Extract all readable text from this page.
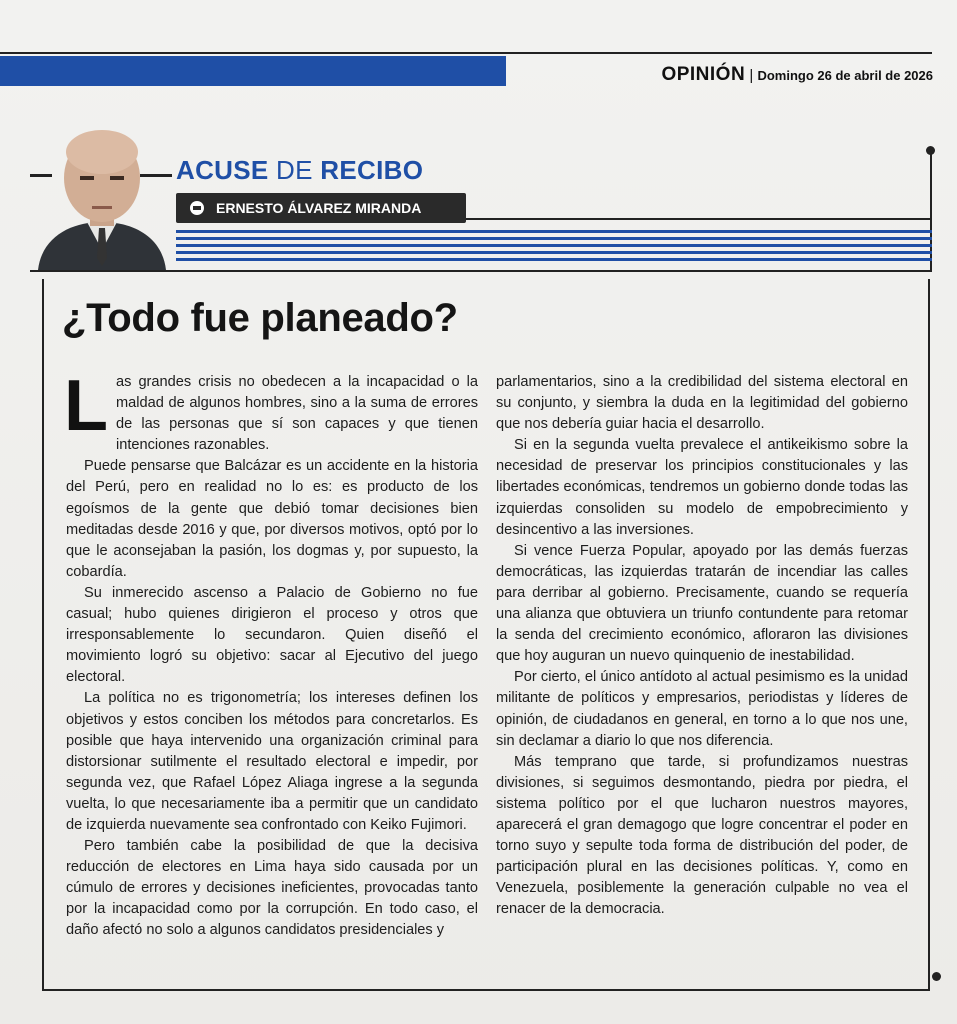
OPINIÓN | Domingo 26 de abril de 2026
ACUSE DE RECIBO
ERNESTO ÁLVAREZ MIRANDA
¿Todo fue planeado?

Las grandes crisis no obedecen a la incapacidad o la maldad de algunos hombres, sino a la suma de errores de las personas que sí son capaces y que tienen intenciones razonables.

Puede pensarse que Balcázar es un accidente en la historia del Perú, pero en realidad no lo es: es producto de los egoísmos de la gente que debió tomar decisiones bien meditadas desde 2016 y que, por diversos motivos, optó por lo que le aconsejaban la pasión, los dogmas y, por supuesto, la cobardía.

Su inmerecido ascenso a Palacio de Gobierno no fue casual; hubo quienes dirigieron el proceso y otros que irresponsablemente lo secundaron. Quien diseñó el movimiento logró su objetivo: sacar al Ejecutivo del juego electoral.

La política no es trigonometría; los intereses definen los objetivos y estos conciben los métodos para concretarlos. Es posible que haya intervenido una organización criminal para distorsionar sutilmente el resultado electoral e impedir, por segunda vez, que Rafael López Aliaga ingrese a la segunda vuelta, lo que necesariamente iba a permitir que un candidato de izquierda nuevamente sea confrontado con Keiko Fujimori.

Pero también cabe la posibilidad de que la decisiva reducción de electores en Lima haya sido causada por un cúmulo de errores y decisiones ineficientes, provocadas tanto por la incapacidad como por la corrupción. En todo caso, el daño afectó no solo a algunos candidatos presidenciales y

parlamentarios, sino a la credibilidad del sistema electoral en su conjunto, y siembra la duda en la legitimidad del gobierno que nos debería guiar hacia el desarrollo.

Si en la segunda vuelta prevalece el antikeikismo sobre la necesidad de preservar los principios constitucionales y las libertades económicas, tendremos un gobierno donde todas las izquierdas consoliden su modelo de empobrecimiento y desincentivo a las inversiones.

Si vence Fuerza Popular, apoyado por las demás fuerzas democráticas, las izquierdas tratarán de incendiar las calles para derribar al gobierno. Precisamente, cuando se requería una alianza que obtuviera un triunfo contundente para retomar la senda del crecimiento económico, afloraron las divisiones que hoy auguran un nuevo quinquenio de inestabilidad.

Por cierto, el único antídoto al actual pesimismo es la unidad militante de políticos y empresarios, periodistas y líderes de opinión, de ciudadanos en general, en torno a lo que nos une, sin declamar a diario lo que nos diferencia.

Más temprano que tarde, si profundizamos nuestras divisiones, si seguimos desmontando, piedra por piedra, el sistema político por el que lucharon nuestros mayores, aparecerá el gran demagogo que logre concentrar el poder en torno suyo y sepulte toda forma de distribución del poder, de participación plural en las decisiones políticas. Y, como en Venezuela, posiblemente la generación culpable no vea el renacer de la democracia.
